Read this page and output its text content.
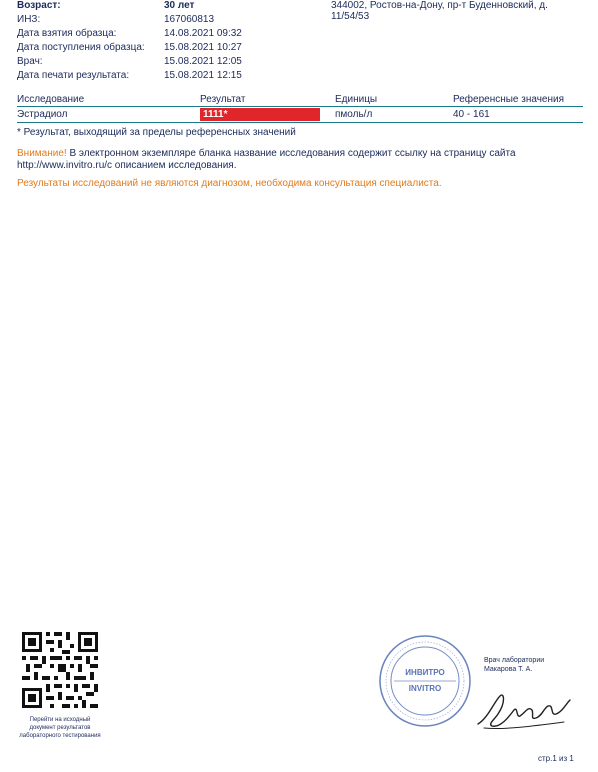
Возраст:	30 лет
ИНЗ:	167060813
Дата взятия образца:	14.08.2021 09:32
Дата поступления образца: 15.08.2021 10:27
Врач:	15.08.2021 12:05
Дата печати результата:	15.08.2021 12:15
344002, Ростов-на-Дону, пр-т Буденновский, д.
11/54/53
Исследование	Результат	Единицы	Референсные значения
Эстрадиол	1111*	пмоль/л	40 - 161
* Результат, выходящий за пределы референсных значений
Внимание! В электронном экземпляре бланка название исследования содержит ссылку на страницу сайта
http://www.invitro.ru/с описанием исследования.
Результаты исследований не являются диагнозом, необходима консультация специалиста.
Перейти на исходный
документ результатов
лабораторного тестирования
ИНВИТРО
INVITRO
Врач лаборатории
Макарова Т. А.
стр.1 из 1
